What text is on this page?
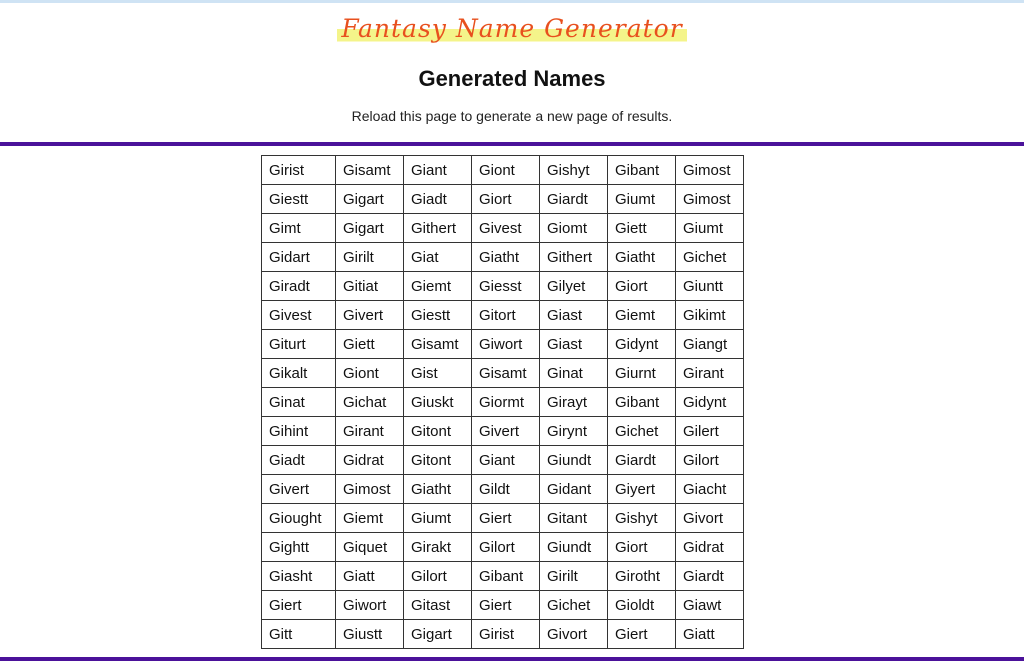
Fantasy Name Generator
Generated Names
Reload this page to generate a new page of results.
Girist	Gisamt	Giant	Giont	Gishyt	Gibant	Gimost
Giestt	Gigart	Giadt	Giort	Giardt	Giumt	Gimost
Gimt	Gigart	Githert	Givest	Giomt	Giett	Giumt
Gidart	Girilt	Giat	Giatht	Githert	Giatht	Gichet
Giradt	Gitiat	Giemt	Giesst	Gilyet	Giort	Giuntt
Givest	Givert	Giestt	Gitort	Giast	Giemt	Gikimt
Giturt	Giett	Gisamt	Giwort	Giast	Gidynt	Giangt
Gikalt	Giont	Gist	Gisamt	Ginat	Giurnt	Girant
Ginat	Gichat	Giuskt	Giormt	Girayt	Gibant	Gidynt
Gihint	Girant	Gitont	Givert	Girynt	Gichet	Gilert
Giadt	Gidrat	Gitont	Giant	Giundt	Giardt	Gilort
Givert	Gimost	Giatht	Gildt	Gidant	Giyert	Giacht
Giought	Giemt	Giumt	Giert	Gitant	Gishyt	Givort
Gightt	Giquet	Girakt	Gilort	Giundt	Giort	Gidrat
Giasht	Giatt	Gilort	Gibant	Girilt	Girotht	Giardt
Giert	Giwort	Gitast	Giert	Gichet	Gioldt	Giawt
Gitt	Giustt	Gigart	Girist	Givort	Giert	Giatt
